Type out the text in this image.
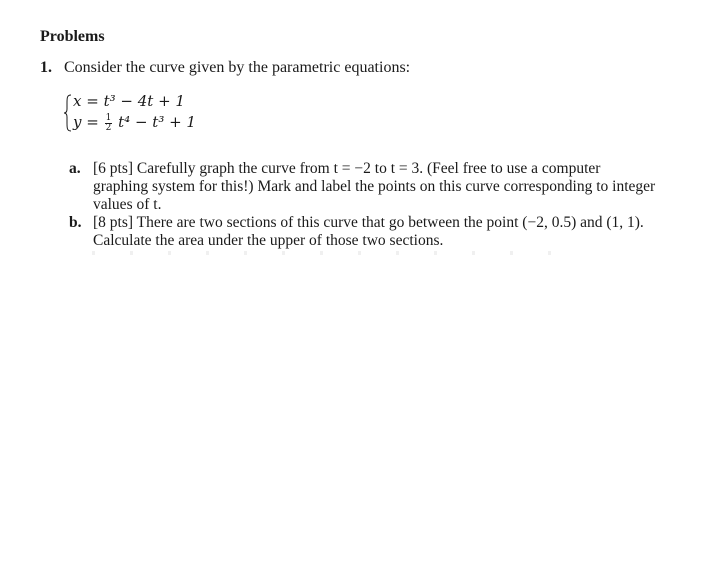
Problems
1. Consider the curve given by the parametric equations:
x = t³ − 4t + 1
$y = \frac{1}{2} t^4 - t^3 + 1$
a. [6 pts] Carefully graph the curve from t = −2 to t = 3. (Feel free to use a computer graphing system for this!) Mark and label the points on this curve corresponding to integer values of t.
b. [8 pts] There are two sections of this curve that go between the point (−2, 0.5) and (1, 1). Calculate the area under the upper of those two sections.
